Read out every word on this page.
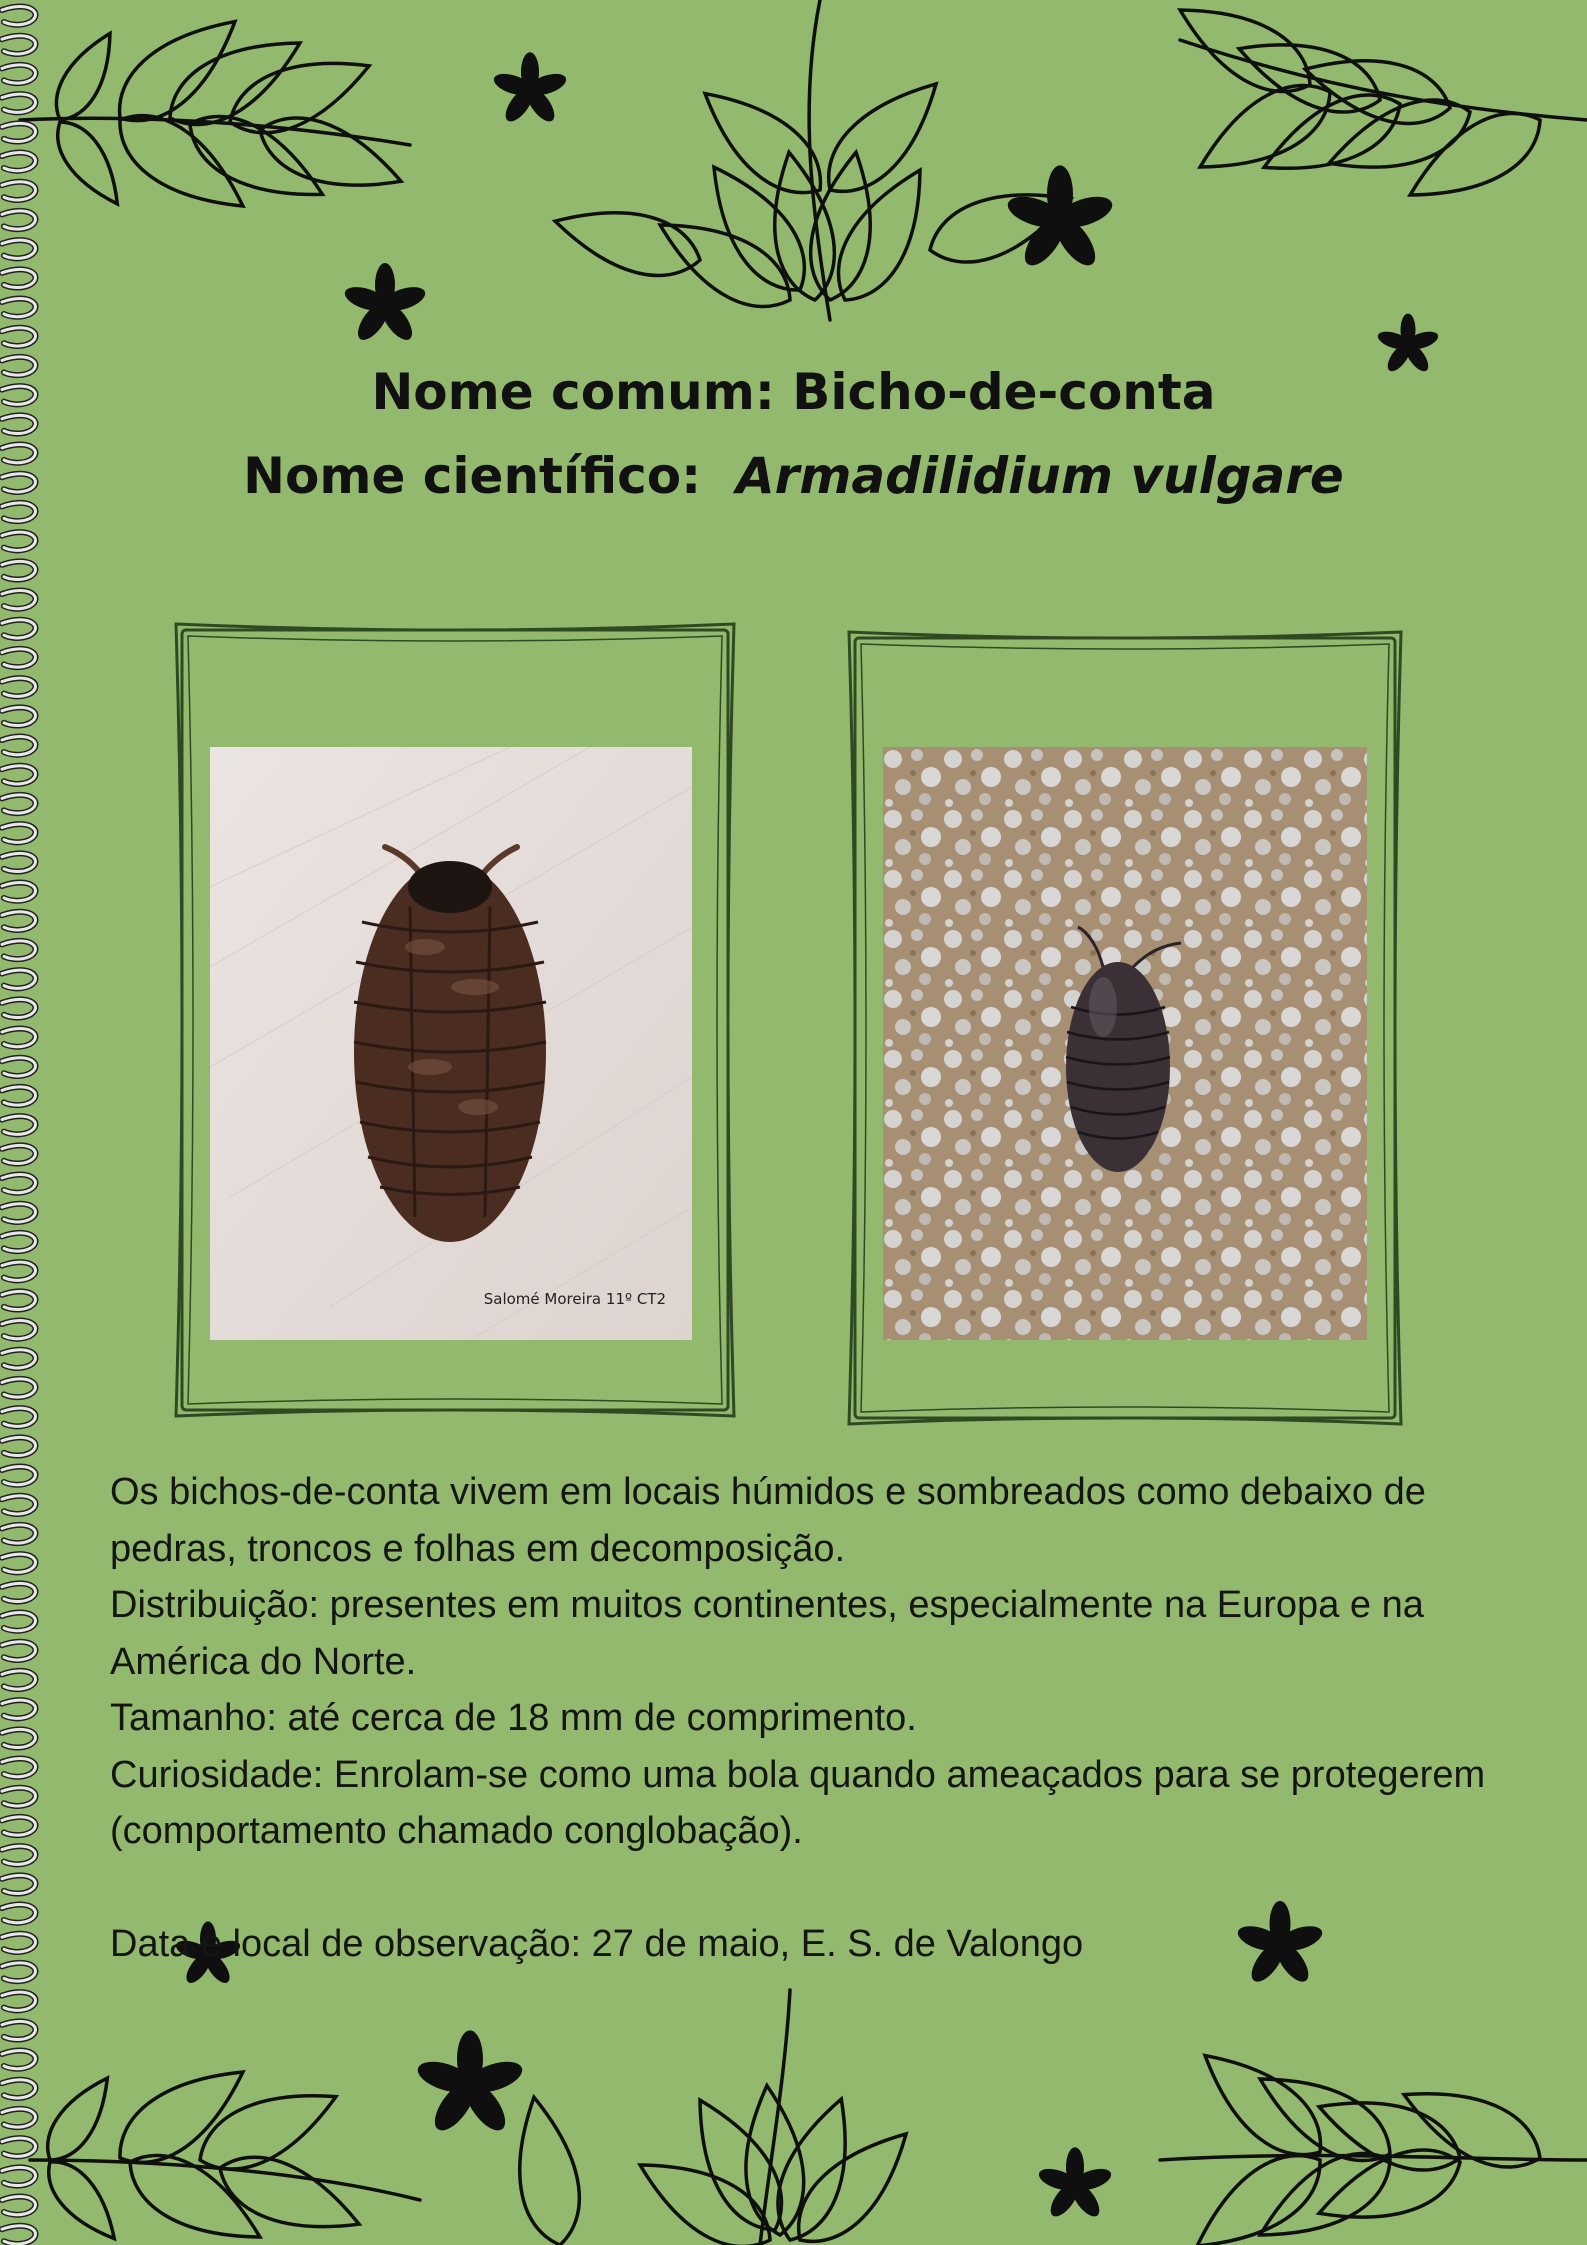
Nome comum: Bicho-de-conta
Nome científico: Armadilidium vulgare
Salomé Moreira 11º CT2

Os bichos-de-conta vivem em locais húmidos e sombreados como debaixo de pedras, troncos e folhas em decomposição.

Distribuição: presentes em muitos continentes, especialmente na Europa e na América do Norte.

Tamanho: até cerca de 18 mm de comprimento.

Curiosidade: Enrolam-se como uma bola quando ameaçados para se protegerem (comportamento chamado conglobação).

Data e local de observação: 27 de maio, E. S. de Valongo
